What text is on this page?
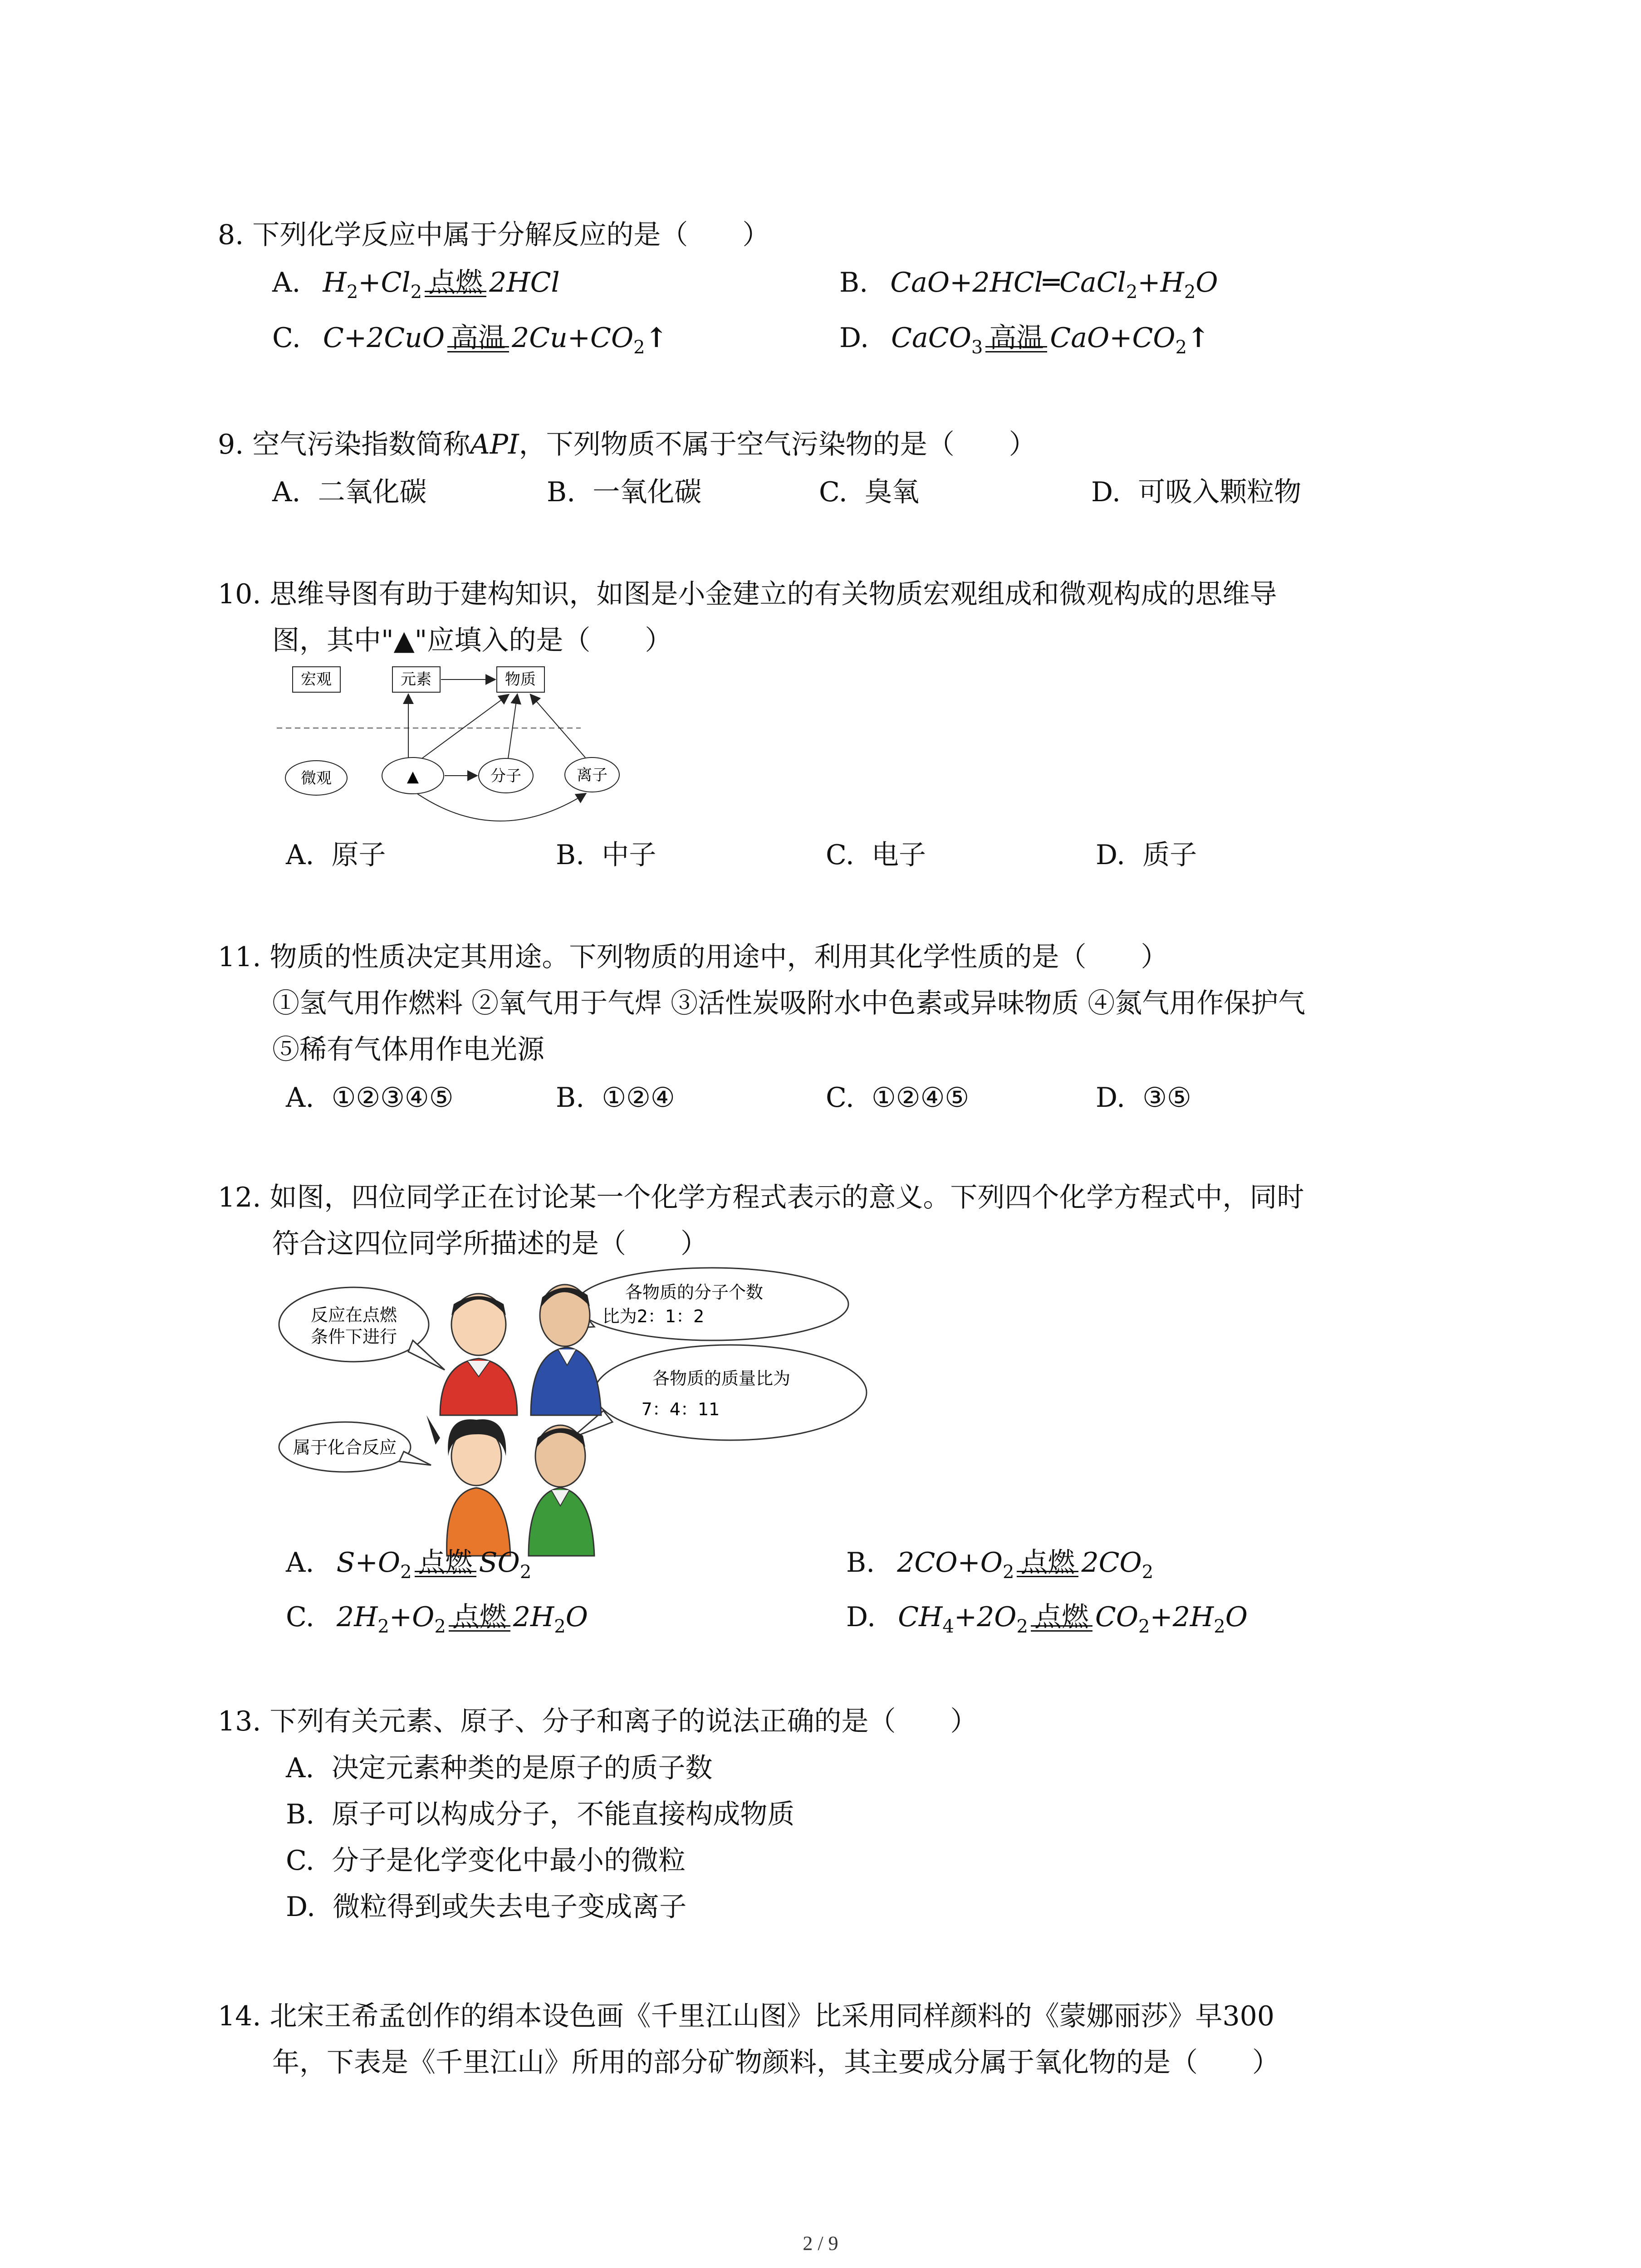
8. 下列化学反应中属于分解反应的是（　　）
A. $H_2+Cl_2$ 点燃 2HCl	B. $CaO+2HCl═CaCl_2+H_2O$
C. C+2CuO 高温 $2Cu+CO_2↑$	D. CaCO$_3$ 高温 $CaO+CO_2↑$
9. 空气污染指数简称API，下列物质不属于空气污染物的是（　　）
A. 二氧化碳	B. 一氧化碳	C. 臭氧	D. 可吸入颗粒物
10. 思维导图有助于建构知识，如图是小金建立的有关物质宏观组成和微观构成的思维导
图，其中"▲"应填入的是（　　）
宏观	元素	物质
微观	▲	分子	离子
A. 原子	B. 中子	C. 电子	D. 质子
11. 物质的性质决定其用途。下列物质的用途中，利用其化学性质的是（　　）
①氢气用作燃料 ②氧气用于气焊 ③活性炭吸附水中色素或异味物质 ④氮气用作保护气
⑤稀有气体用作电光源
A. ①②③④⑤	B. ①②④	C. ①②④⑤	D. ③⑤
12. 如图，四位同学正在讨论某一个化学方程式表示的意义。下列四个化学方程式中，同时
符合这四位同学所描述的是（　　）
反应在点燃
条件下进行
各物质的分子个数
比为2：1：2
各物质的质量比为
7：4：11
属于化合反应
A. $S+O_2$ 点燃 $SO_2$	B. $2CO+O_2$ 点燃 $2CO_2$
C. $2H_2+O_2$ 点燃 $2H_2O$	D. $CH_4+2O_2$ 点燃 $CO_2+2H_2O$
13. 下列有关元素、原子、分子和离子的说法正确的是（　　）
A. 决定元素种类的是原子的质子数
B. 原子可以构成分子，不能直接构成物质
C. 分子是化学变化中最小的微粒
D. 微粒得到或失去电子变成离子
14. 北宋王希孟创作的绢本设色画《千里江山图》比采用同样颜料的《蒙娜丽莎》早300
年，下表是《千里江山》所用的部分矿物颜料，其主要成分属于氧化物的是（　　）
2 / 9
